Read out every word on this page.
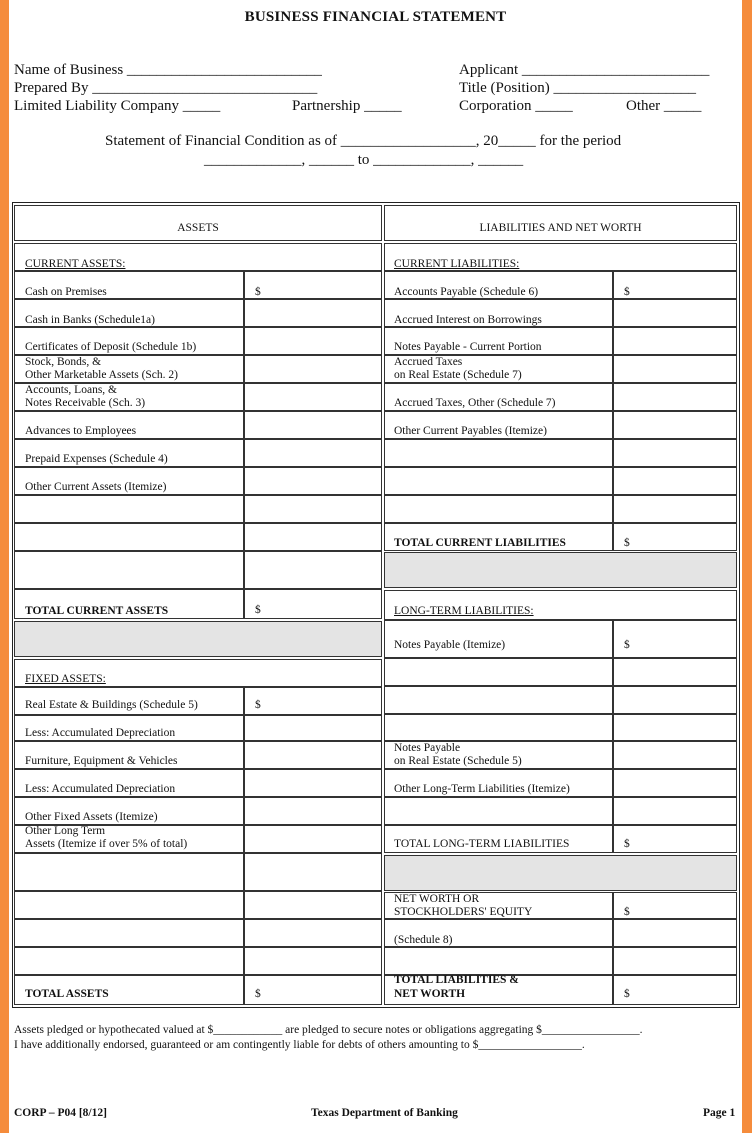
BUSINESS FINANCIAL STATEMENT
Name of Business __________________________
Prepared By ______________________________
Limited Liability Company _____	Partnership _____
Applicant _________________________
Title (Position) ___________________
Corporation _____	Other _____
Statement of Financial Condition as of __________________, 20_____ for the period
_____________, ______ to _____________, ______
ASSETS
CURRENT ASSETS:
Cash on Premises	$
Cash in Banks (Schedule1a)
Certificates of Deposit (Schedule 1b)
Stock, Bonds, &
Other Marketable Assets (Sch. 2)
Accounts, Loans, &
Notes Receivable (Sch. 3)
Advances to Employees
Prepaid Expenses (Schedule 4)
Other Current Assets (Itemize)
TOTAL CURRENT ASSETS	$
FIXED ASSETS:
Real Estate & Buildings (Schedule 5)	$
Less: Accumulated Depreciation
Furniture, Equipment & Vehicles
Less: Accumulated Depreciation
Other Fixed Assets (Itemize)
Other Long Term
Assets (Itemize if over 5% of total)
TOTAL ASSETS	$
LIABILITIES AND NET WORTH
CURRENT LIABILITIES:
Accounts Payable (Schedule 6)	$
Accrued Interest on Borrowings
Notes Payable - Current Portion
Accrued Taxes
on Real Estate (Schedule 7)
Accrued Taxes, Other (Schedule 7)
Other Current Payables (Itemize)
TOTAL CURRENT LIABILITIES	$
LONG-TERM LIABILITIES:
Notes Payable (Itemize)	$
Notes Payable
on Real Estate (Schedule 5)
Other Long-Term Liabilities (Itemize)
TOTAL LONG-TERM LIABILITIES	$
NET WORTH OR
STOCKHOLDERS' EQUITY	$
(Schedule 8)
TOTAL LIABILITIES &
NET WORTH	$
Assets pledged or hypothecated valued at $____________ are pledged to secure notes or obligations aggregating $_________________.
I have additionally endorsed, guaranteed or am contingently liable for debts of others amounting to $__________________.
CORP – P04 [8/12]	Texas Department of Banking	Page 1
